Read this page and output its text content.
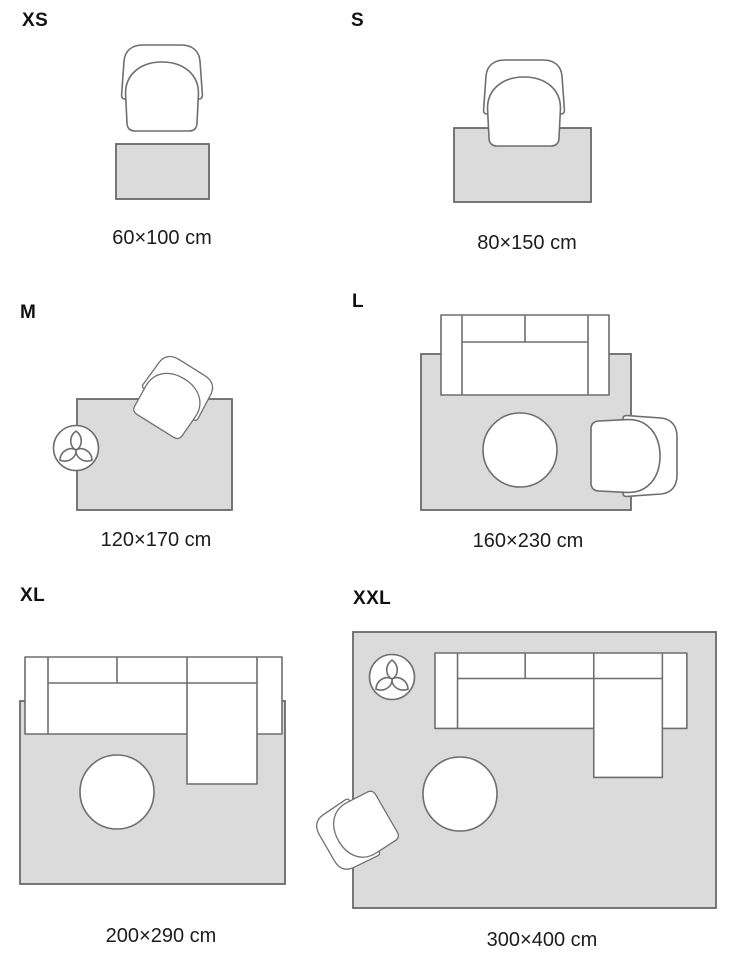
XS	S
M
L
XL	XXL
60×100 cm	80×150 cm
120×170 cm	160×230 cm
200×290 cm	300×400 cm
